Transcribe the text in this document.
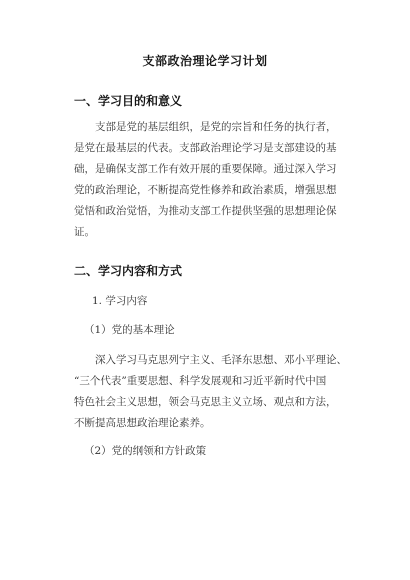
支部政治理论学习计划
一、学习目的和意义

支部是党的基层组织，是党的宗旨和任务的执行者，
是党在最基层的代表。支部政治理论学习是支部建设的基
础，是确保支部工作有效开展的重要保障。通过深入学习
党的政治理论，不断提高党性修养和政治素质，增强思想
觉悟和政治觉悟，为推动支部工作提供坚强的思想理论保
证。

二、学习内容和方式
1. 学习内容
（1）党的基本理论

深入学习马克思列宁主义、毛泽东思想、邓小平理论、
“三个代表”重要思想、科学发展观和习近平新时代中国
特色社会主义思想，领会马克思主义立场、观点和方法，
不断提高思想政治理论素养。

（2）党的纲领和方针政策
